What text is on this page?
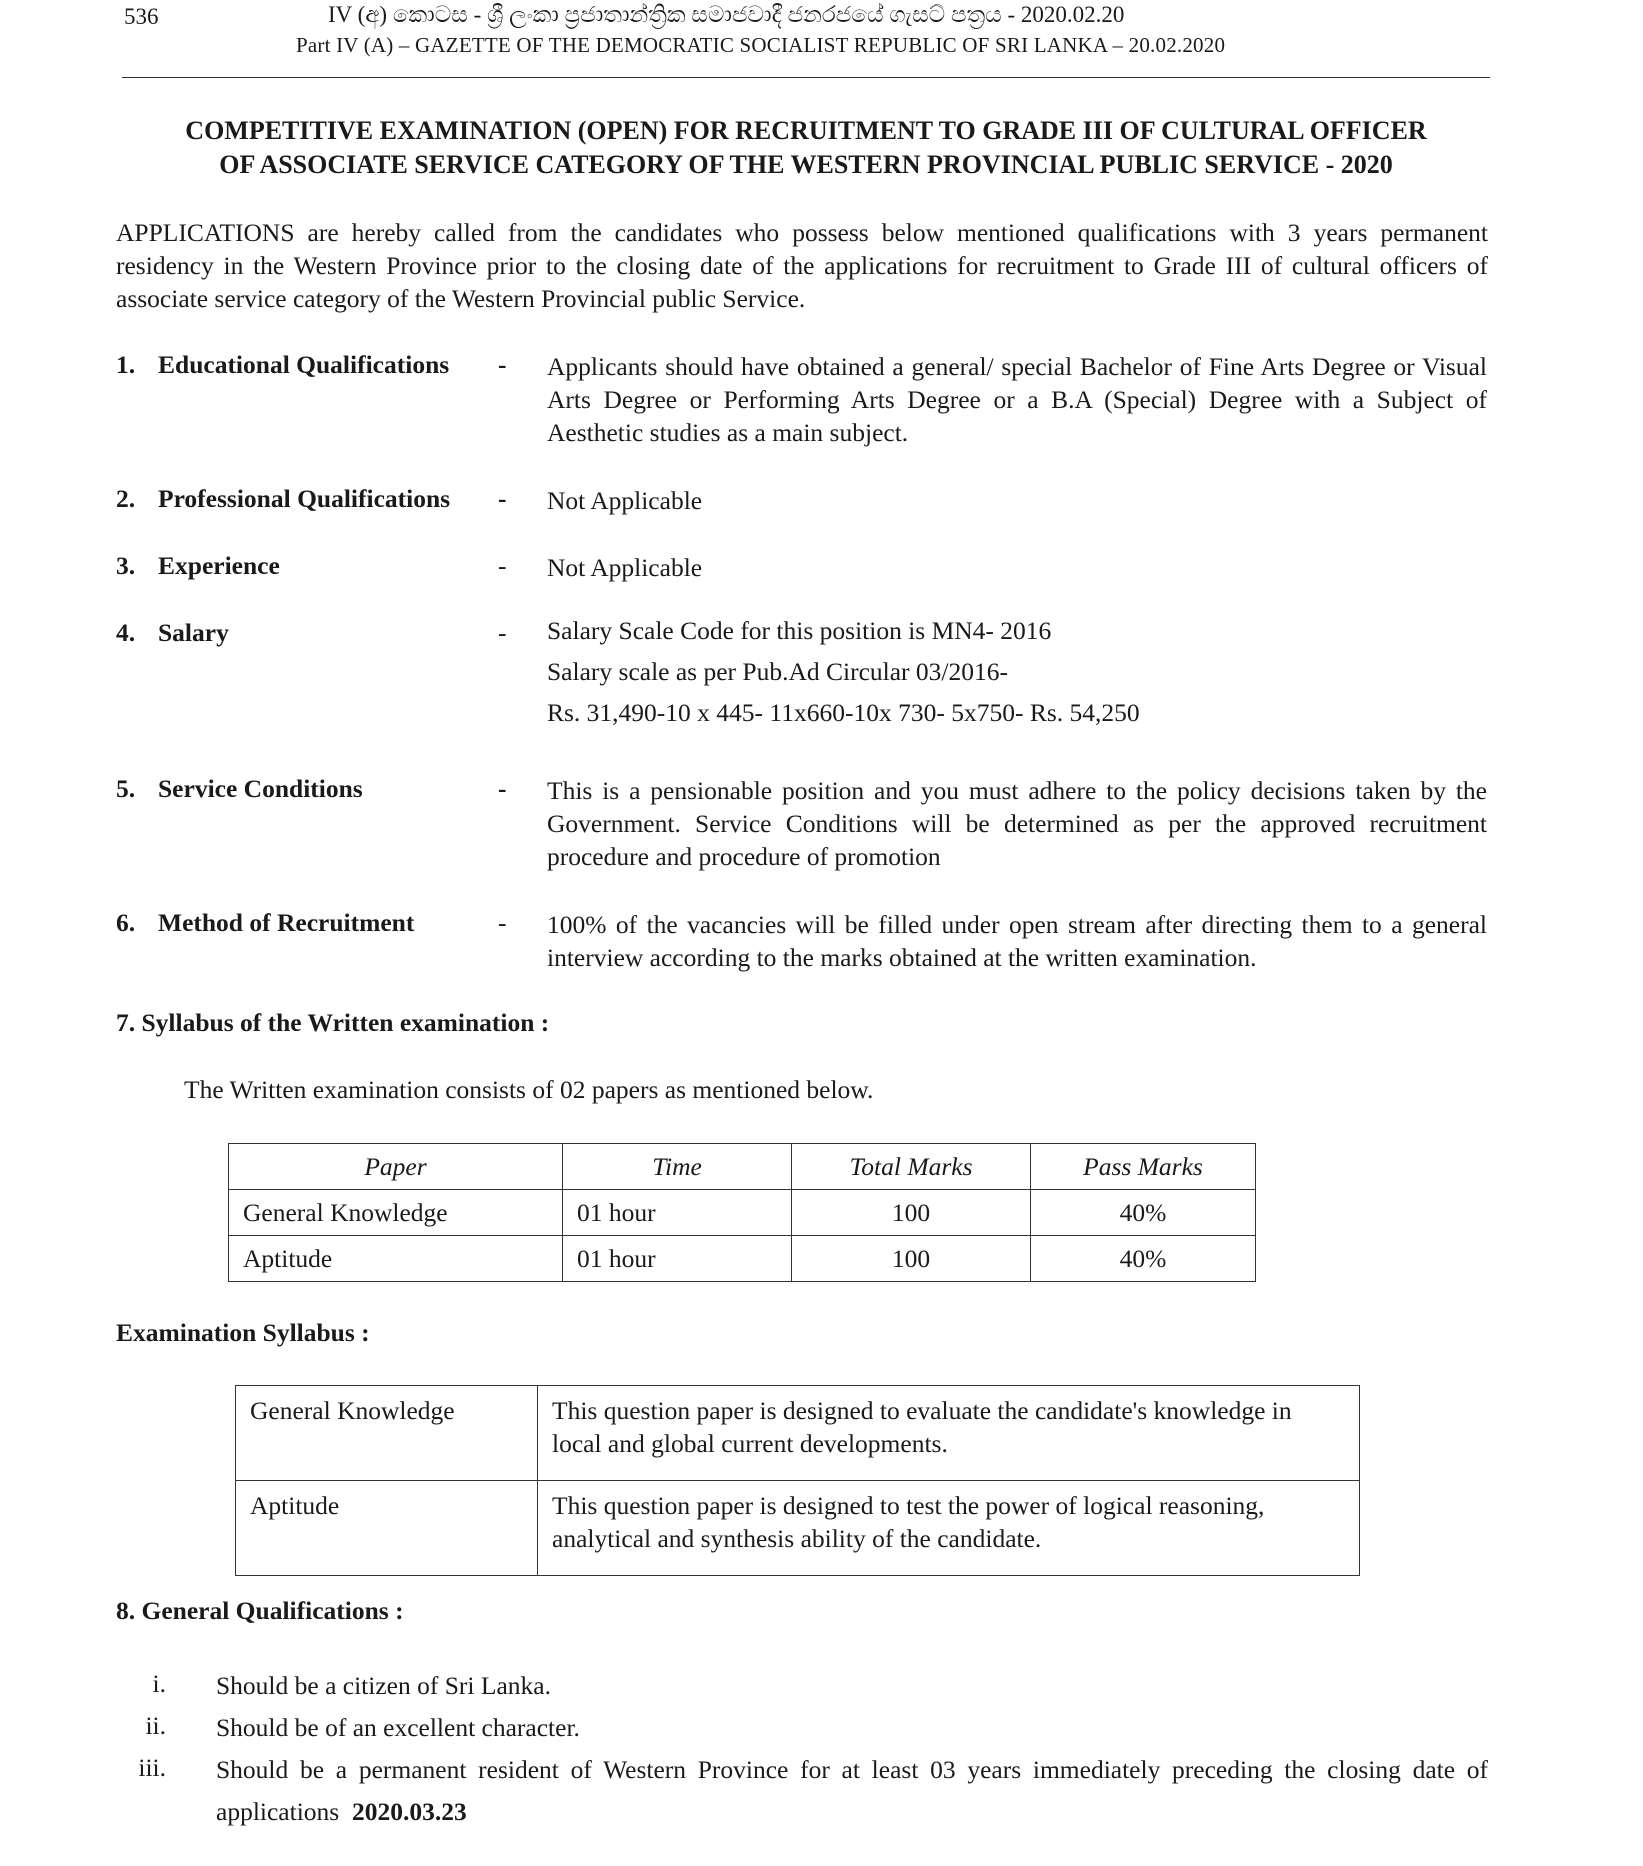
536	IV (අ) කොටස - ශ්‍රී ලංකා ප්‍රජාතාන්ත්‍රික සමාජවාදී ජනරජයේ ගැසට් පත්‍රය - 2020.02.20
Part IV (A) – GAZETTE OF THE DEMOCRATIC SOCIALIST REPUBLIC OF SRI LANKA – 20.02.2020
COMPETITIVE EXAMINATION (OPEN) FOR RECRUITMENT TO GRADE III OF CULTURAL OFFICER
OF ASSOCIATE SERVICE CATEGORY OF THE WESTERN PROVINCIAL PUBLIC SERVICE - 2020
APPLICATIONS are hereby called from the candidates who possess below mentioned qualifications with 3 years permanent residency in the Western Province prior to the closing date of the applications for recruitment to Grade III of cultural officers of associate service category of the Western Provincial public Service.
1. Educational Qualifications - Applicants should have obtained a general/ special Bachelor of Fine Arts Degree or Visual Arts Degree or Performing Arts Degree or a B.A (Special) Degree with a Subject of Aesthetic studies as a main subject.
2. Professional Qualifications - Not Applicable
3. Experience	- Not Applicable
4. Salary	- Salary Scale Code for this position is MN4- 2016
Salary scale as per Pub.Ad Circular 03/2016-
Rs. 31,490-10 x 445- 11x660-10x 730- 5x750- Rs. 54,250
5. Service Conditions	- This is a pensionable position and you must adhere to the policy decisions taken by the Government. Service Conditions will be determined as per the approved recruitment procedure and procedure of promotion
6. Method of Recruitment	- 100% of the vacancies will be filled under open stream after directing them to a general interview according to the marks obtained at the written examination.
7. Syllabus of the Written examination :
The Written examination consists of 02 papers as mentioned below.
Paper	Time	Total Marks	Pass Marks
General Knowledge	01 hour	100	40%
Aptitude	01 hour	100	40%
Examination Syllabus :
General Knowledge	This question paper is designed to evaluate the candidate's knowledge in local and global current developments.
Aptitude	This question paper is designed to test the power of logical reasoning, analytical and synthesis ability of the candidate.
8. General Qualifications :
i. Should be a citizen of Sri Lanka.
ii. Should be of an excellent character.
iii. Should be a permanent resident of Western Province for at least 03 years immediately preceding the closing date of applications 2020.03.23
